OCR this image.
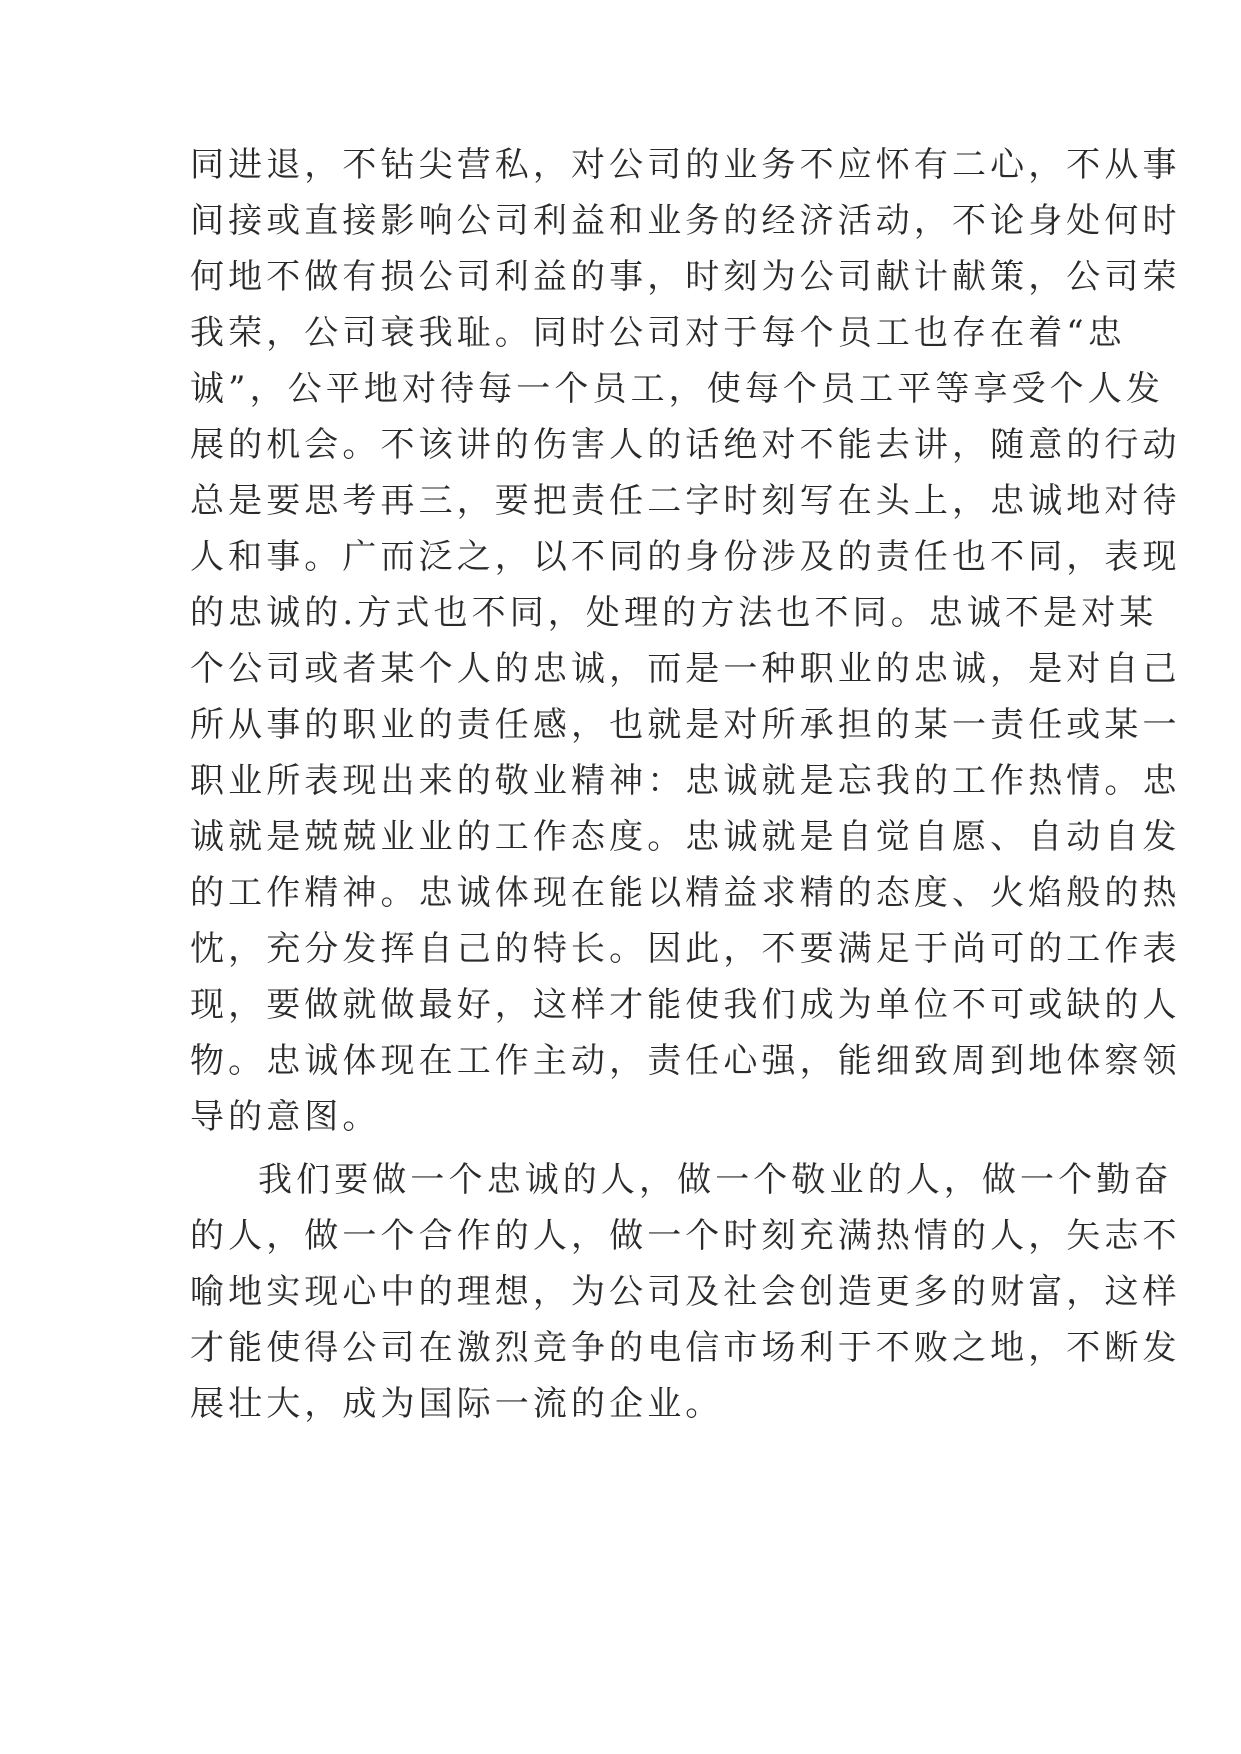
同进退，不钻尖营私，对公司的业务不应怀有二心，不从事
间接或直接影响公司利益和业务的经济活动，不论身处何时
何地不做有损公司利益的事，时刻为公司献计献策，公司荣
我荣，公司衰我耻。同时公司对于每个员工也存在着“忠
诚”，公平地对待每一个员工，使每个员工平等享受个人发
展的机会。不该讲的伤害人的话绝对不能去讲，随意的行动
总是要思考再三，要把责任二字时刻写在头上，忠诚地对待
人和事。广而泛之，以不同的身份涉及的责任也不同，表现
的忠诚的.方式也不同，处理的方法也不同。忠诚不是对某
个公司或者某个人的忠诚，而是一种职业的忠诚，是对自己
所从事的职业的责任感，也就是对所承担的某一责任或某一
职业所表现出来的敬业精神：忠诚就是忘我的工作热情。忠
诚就是兢兢业业的工作态度。忠诚就是自觉自愿、自动自发
的工作精神。忠诚体现在能以精益求精的态度、火焰般的热
忱，充分发挥自己的特长。因此，不要满足于尚可的工作表
现，要做就做最好，这样才能使我们成为单位不可或缺的人
物。忠诚体现在工作主动，责任心强，能细致周到地体察领
导的意图。
我们要做一个忠诚的人，做一个敬业的人，做一个勤奋
的人，做一个合作的人，做一个时刻充满热情的人，矢志不
喻地实现心中的理想，为公司及社会创造更多的财富，这样
才能使得公司在激烈竞争的电信市场利于不败之地，不断发
展壮大，成为国际一流的企业。
